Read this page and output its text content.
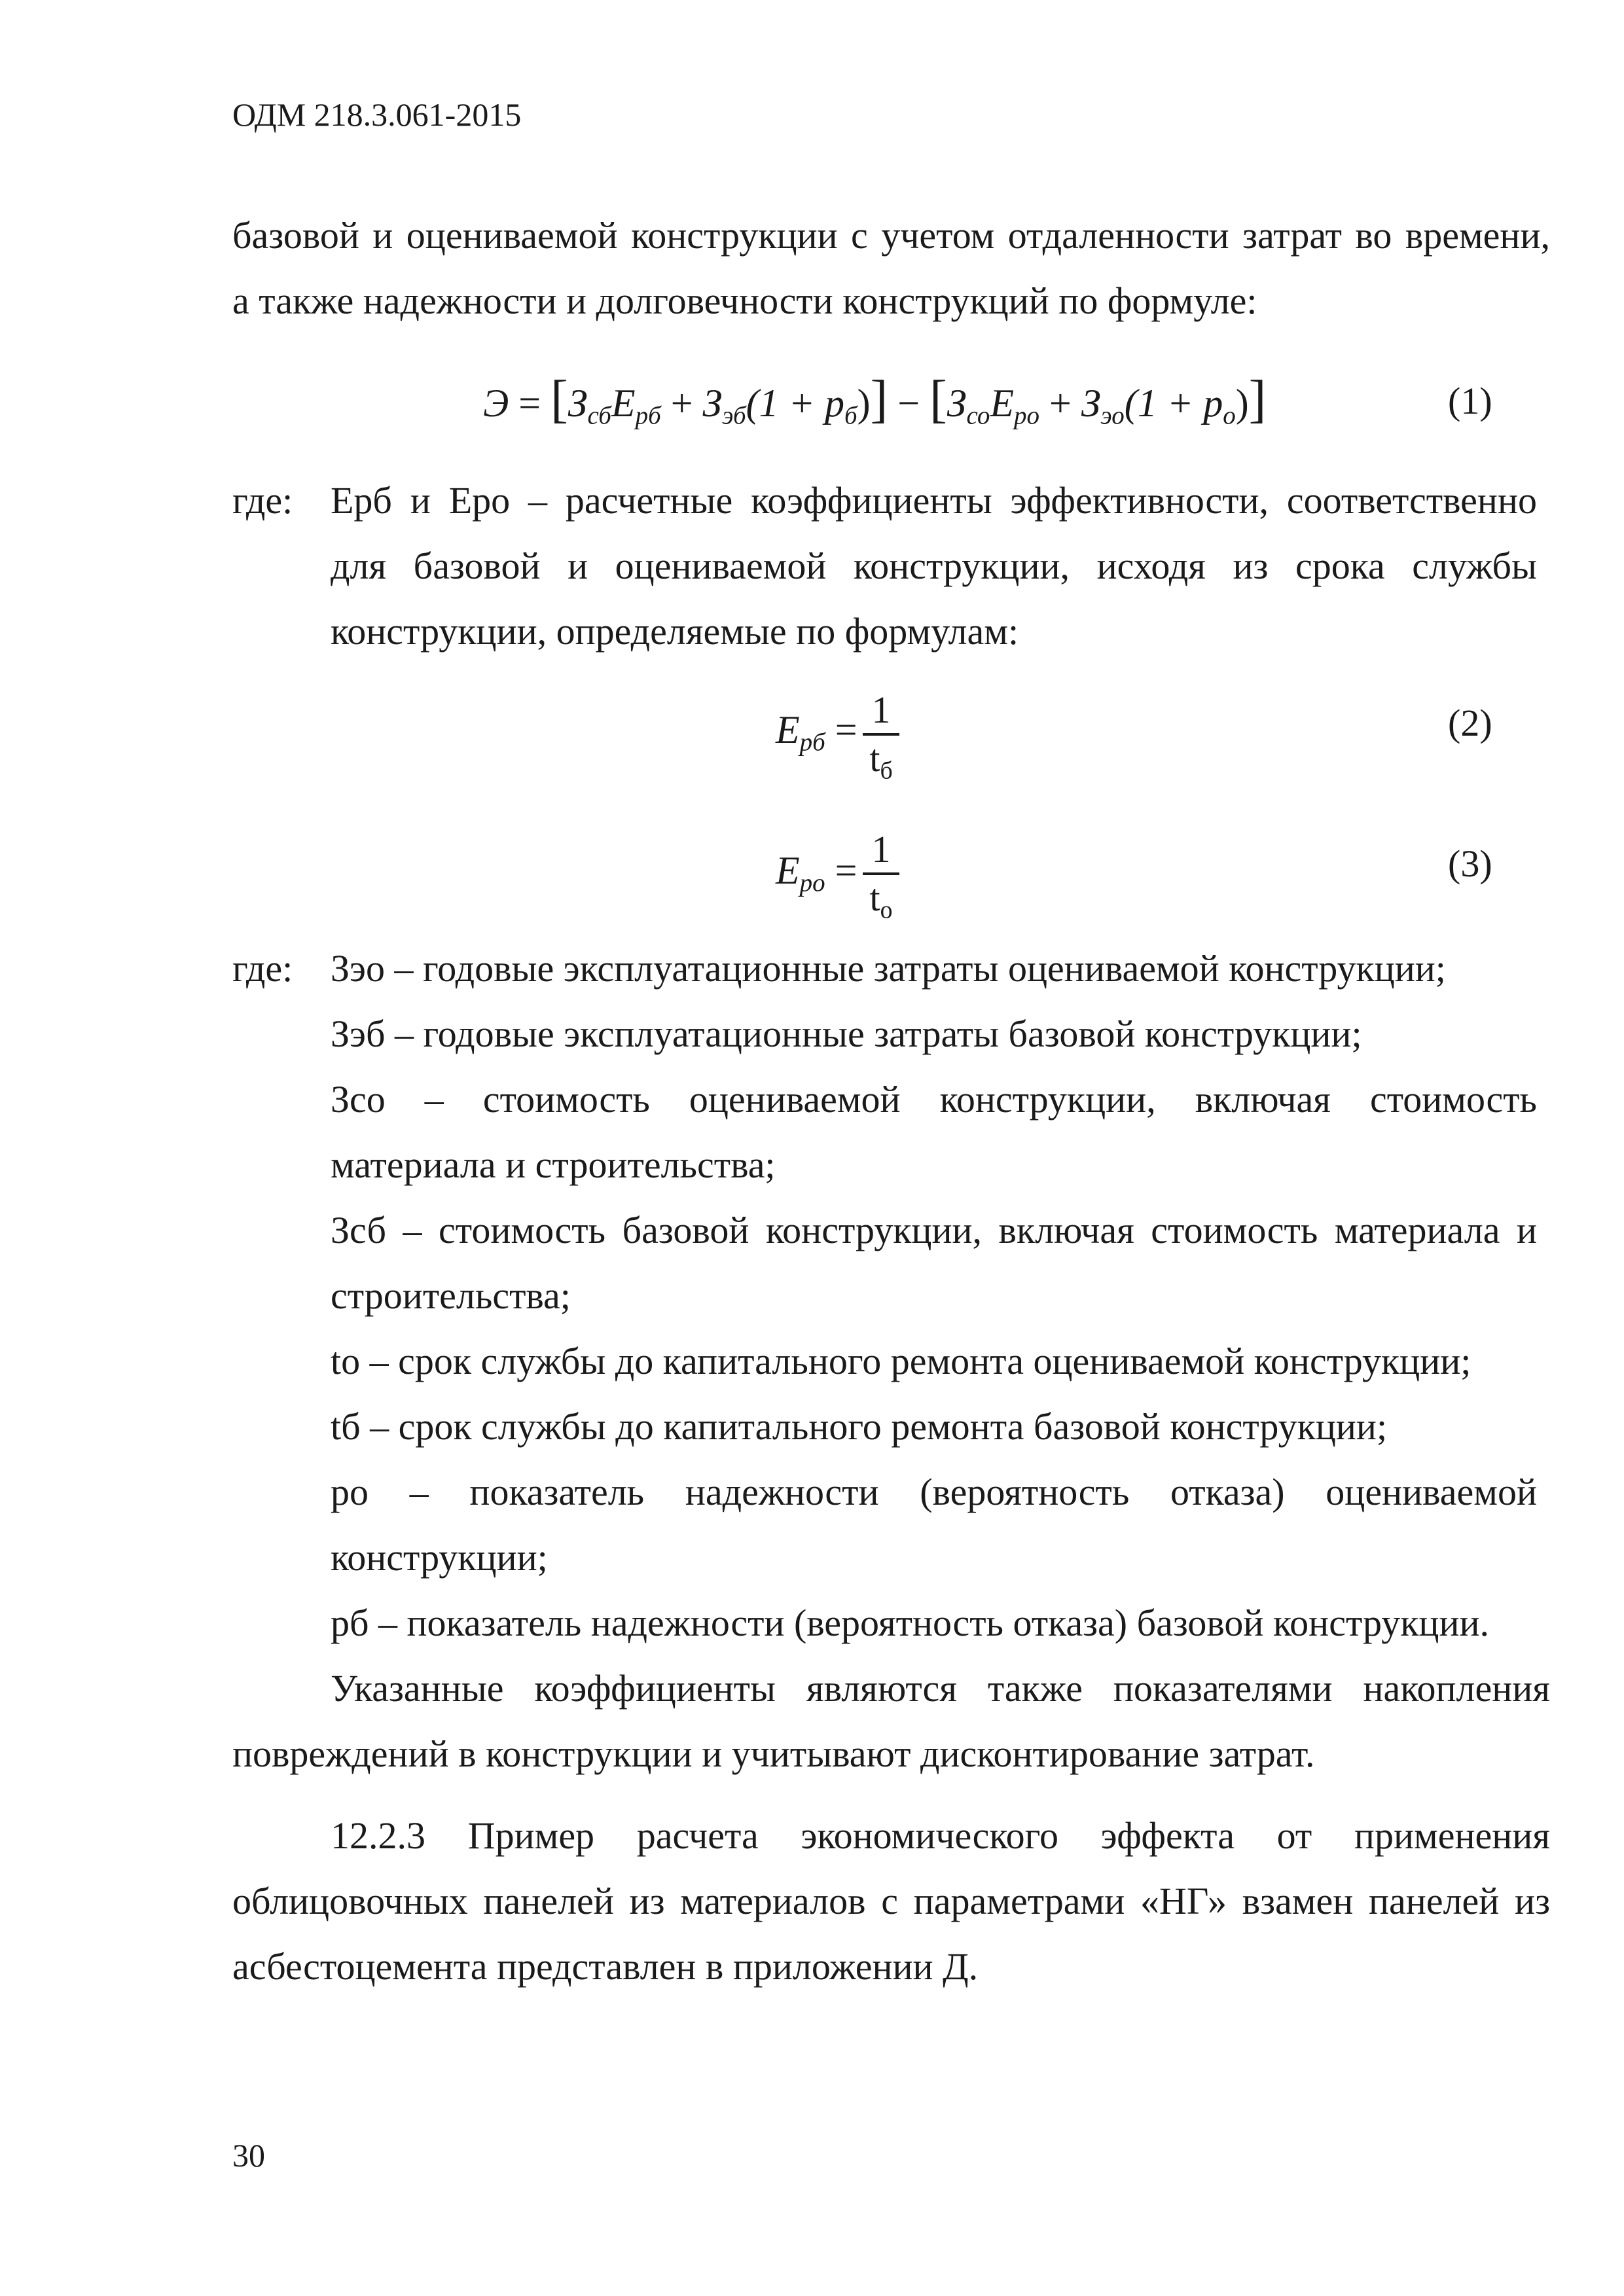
ОДМ 218.3.061-2015
базовой и оцениваемой конструкции с учетом отдаленности затрат во времени,
а также надежности и долговечности конструкций по формуле:
$Э = [З_{сб}E_{рб} + З_{эб}(1 + p_б)] - [З_{со}E_{ро} + З_{эо}(1 + p_о)]$	(1)
где: Ерб и Еро – расчетные коэффициенты эффективности, соответственно
для базовой и оцениваемой конструкции, исходя из срока службы
конструкции, определяемые по формулам:
$E_{рб} = 1$
$t_б$
(2)
$E_{ро} = 1$
$t_о$
(3)
где: Зэо – годовые эксплуатационные затраты оцениваемой конструкции;
Зэб – годовые эксплуатационные затраты базовой конструкции;
Зсо – стоимость оцениваемой конструкции, включая стоимость
материала и строительства;
Зсб – стоимость базовой конструкции, включая стоимость материала и
строительства;
tо – срок службы до капитального ремонта оцениваемой конструкции;
tб – срок службы до капитального ремонта базовой конструкции;
pо – показатель надежности (вероятность отказа) оцениваемой
конструкции;
pб – показатель надежности (вероятность отказа) базовой конструкции.
Указанные коэффициенты являются также показателями накопления
повреждений в конструкции и учитывают дисконтирование затрат.
12.2.3 Пример расчета экономического эффекта от применения
облицовочных панелей из материалов с параметрами «НГ» взамен панелей из
асбестоцемента представлен в приложении Д.
30
